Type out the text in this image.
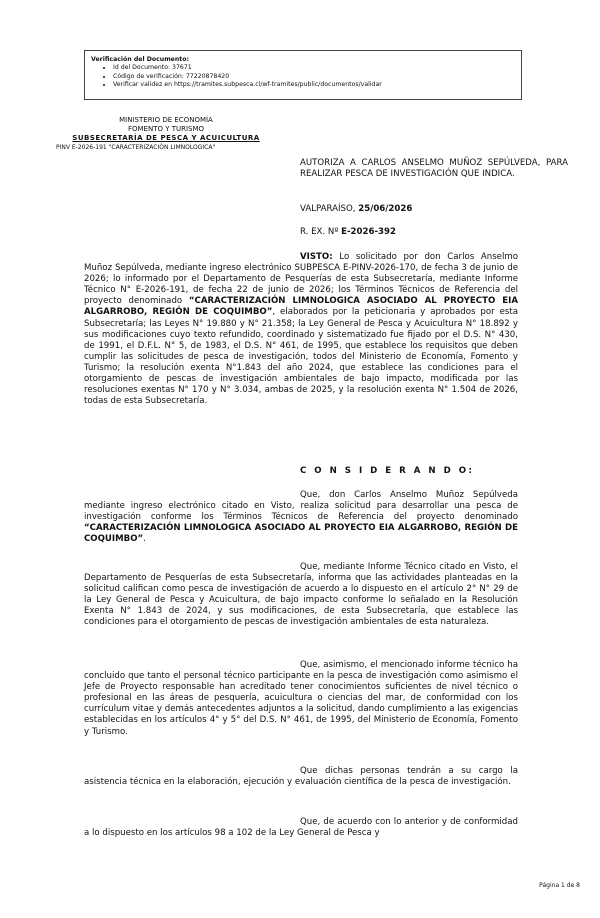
Verificación del Documento:
• Id del Documento: 37671
• Código de verificación: 77220878420
• Verificar validez en https://tramites.subpesca.cl/wf-tramites/public/documentos/validar
MINISTERIO DE ECONOMÍA
FOMENTO Y TURISMO
SUBSECRETARÍA DE PESCA Y ACUICULTURA
PINV E-2026-191 "CARACTERIZACIÓN LIMNOLOGICA"
AUTORIZA A CARLOS ANSELMO MUÑOZ SEPÚLVEDA, PARA REALIZAR PESCA DE INVESTIGACIÓN QUE INDICA.
VALPARAÍSO, 25/06/2026
R. EX. Nº E-2026-392
VISTO: Lo solicitado por don Carlos Anselmo Muñoz Sepúlveda, mediante ingreso electrónico SUBPESCA E-PINV-2026-170, de fecha 3 de junio de 2026; lo informado por el Departamento de Pesquerías de esta Subsecretaría, mediante Informe Técnico N° E-2026-191, de fecha 22 de junio de 2026; los Términos Técnicos de Referencia del proyecto denominado “CARACTERIZACIÓN LIMNOLOGICA ASOCIADO AL PROYECTO EIA ALGARROBO, REGIÓN DE COQUIMBO”, elaborados por la peticionaria y aprobados por esta Subsecretaría; las Leyes N° 19.880 y N° 21.358; la Ley General de Pesca y Acuicultura N° 18.892 y sus modificaciones cuyo texto refundido, coordinado y sistematizado fue fijado por el D.S. N° 430, de 1991, el D.F.L. N° 5, de 1983, el D.S. N° 461, de 1995, que establece los requisitos que deben cumplir las solicitudes de pesca de investigación, todos del Ministerio de Economía, Fomento y Turismo; la resolución exenta N°1.843 del año 2024, que establece las condiciones para el otorgamiento de pescas de investigación ambientales de bajo impacto, modificada por las resoluciones exentas N° 170 y N° 3.034, ambas de 2025, y la resolución exenta N° 1.504 de 2026, todas de esta Subsecretaría.
C O N S I D E R A N D O:
Que, don Carlos Anselmo Muñoz Sepúlveda mediante ingreso electrónico citado en Visto, realiza solicitud para desarrollar una pesca de investigación conforme los Términos Técnicos de Referencia del proyecto denominado “CARACTERIZACIÓN LIMNOLOGICA ASOCIADO AL PROYECTO EIA ALGARROBO, REGIÓN DE COQUIMBO”.
Que, mediante Informe Técnico citado en Visto, el Departamento de Pesquerías de esta Subsecretaría, informa que las actividades planteadas en la solicitud califican como pesca de investigación de acuerdo a lo dispuesto en el artículo 2° N° 29 de la Ley General de Pesca y Acuicultura, de bajo impacto conforme lo señalado en la Resolución Exenta N° 1.843 de 2024, y sus modificaciones, de esta Subsecretaría, que establece las condiciones para el otorgamiento de pescas de investigación ambientales de esta naturaleza.
Que, asimismo, el mencionado informe técnico ha concluido que tanto el personal técnico participante en la pesca de investigación como asimismo el Jefe de Proyecto responsable han acreditado tener conocimientos suficientes de nivel técnico o profesional en las áreas de pesquería, acuicultura o ciencias del mar, de conformidad con los currículum vitae y demás antecedentes adjuntos a la solicitud, dando cumplimiento a las exigencias establecidas en los artículos 4° y 5° del D.S. N° 461, de 1995, del Ministerio de Economía, Fomento y Turismo.
Que dichas personas tendrán a su cargo la asistencia técnica en la elaboración, ejecución y evaluación científica de la pesca de investigación.
Que, de acuerdo con lo anterior y de conformidad a lo dispuesto en los artículos 98 a 102 de la Ley General de Pesca y
Página 1 de 8
